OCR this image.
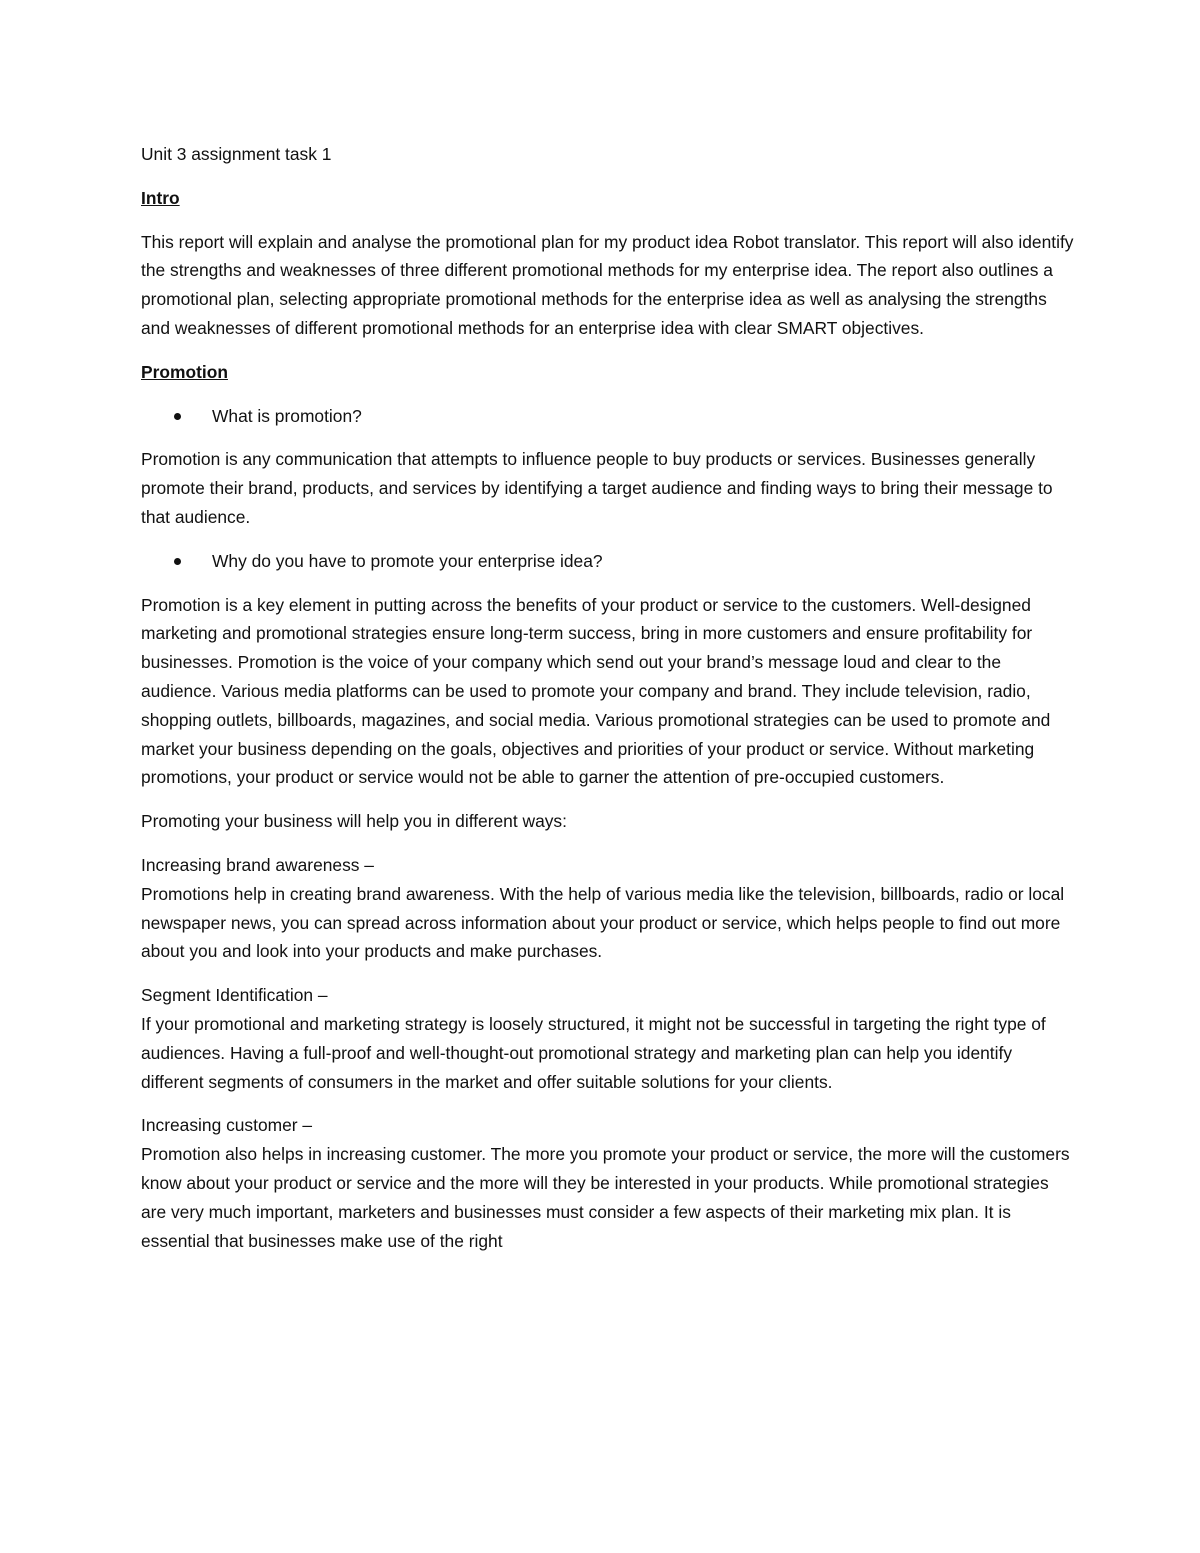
Unit 3 assignment task 1

Intro

This report will explain and analyse the promotional plan for my product idea Robot translator. This report will also identify the strengths and weaknesses of three different promotional methods for my enterprise idea. The report also outlines a promotional plan, selecting appropriate promotional methods for the enterprise idea as well as analysing the strengths and weaknesses of different promotional methods for an enterprise idea with clear SMART objectives.

Promotion

What is promotion?

Promotion is any communication that attempts to influence people to buy products or services. Businesses generally promote their brand, products, and services by identifying a target audience and finding ways to bring their message to that audience.

Why do you have to promote your enterprise idea?

Promotion is a key element in putting across the benefits of your product or service to the customers. Well-designed marketing and promotional strategies ensure long-term success, bring in more customers and ensure profitability for businesses. Promotion is the voice of your company which send out your brand’s message loud and clear to the audience. Various media platforms can be used to promote your company and brand. They include television, radio, shopping outlets, billboards, magazines, and social media. Various promotional strategies can be used to promote and market your business depending on the goals, objectives and priorities of your product or service. Without marketing promotions, your product or service would not be able to garner the attention of pre-occupied customers.

Promoting your business will help you in different ways:

Increasing brand awareness –

Promotions help in creating brand awareness. With the help of various media like the television, billboards, radio or local newspaper news, you can spread across information about your product or service, which helps people to find out more about you and look into your products and make purchases.

Segment Identification –

If your promotional and marketing strategy is loosely structured, it might not be successful in targeting the right type of audiences. Having a full-proof and well-thought-out promotional strategy and marketing plan can help you identify different segments of consumers in the market and offer suitable solutions for your clients.

Increasing customer –

Promotion also helps in increasing customer. The more you promote your product or service, the more will the customers know about your product or service and the more will they be interested in your products. While promotional strategies are very much important, marketers and businesses must consider a few aspects of their marketing mix plan. It is essential that businesses make use of the right
